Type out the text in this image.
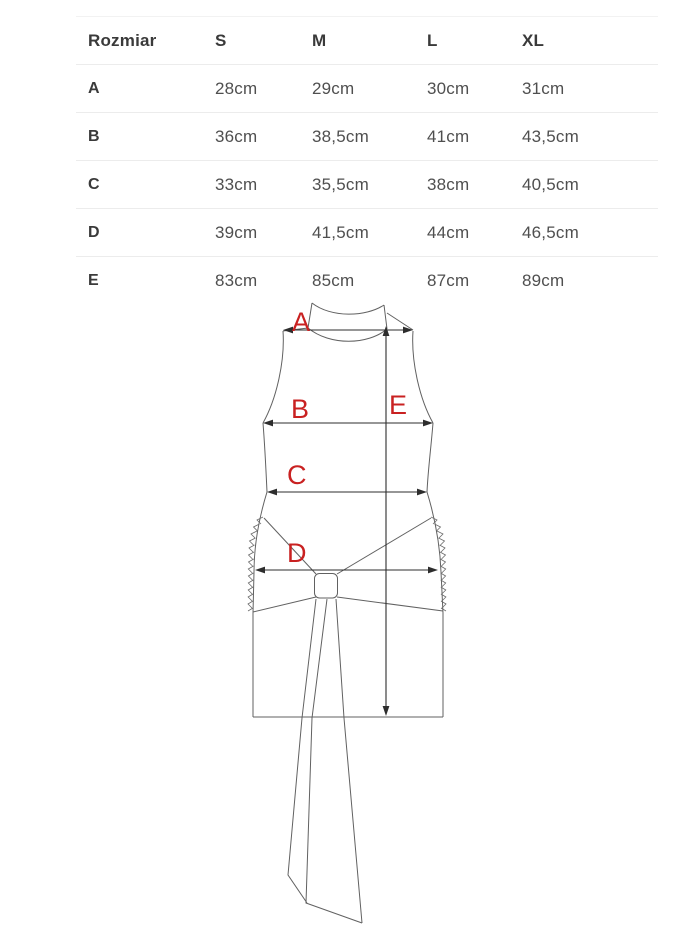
Rozmiar	S	M	L	XL
A	28cm	29cm	30cm	31cm
B	36cm	38,5cm	41cm	43,5cm
C	33cm	35,5cm	38cm	40,5cm
D	39cm	41,5cm	44cm	46,5cm
E	83cm	85cm	87cm	89cm
A
B	E
C
D
